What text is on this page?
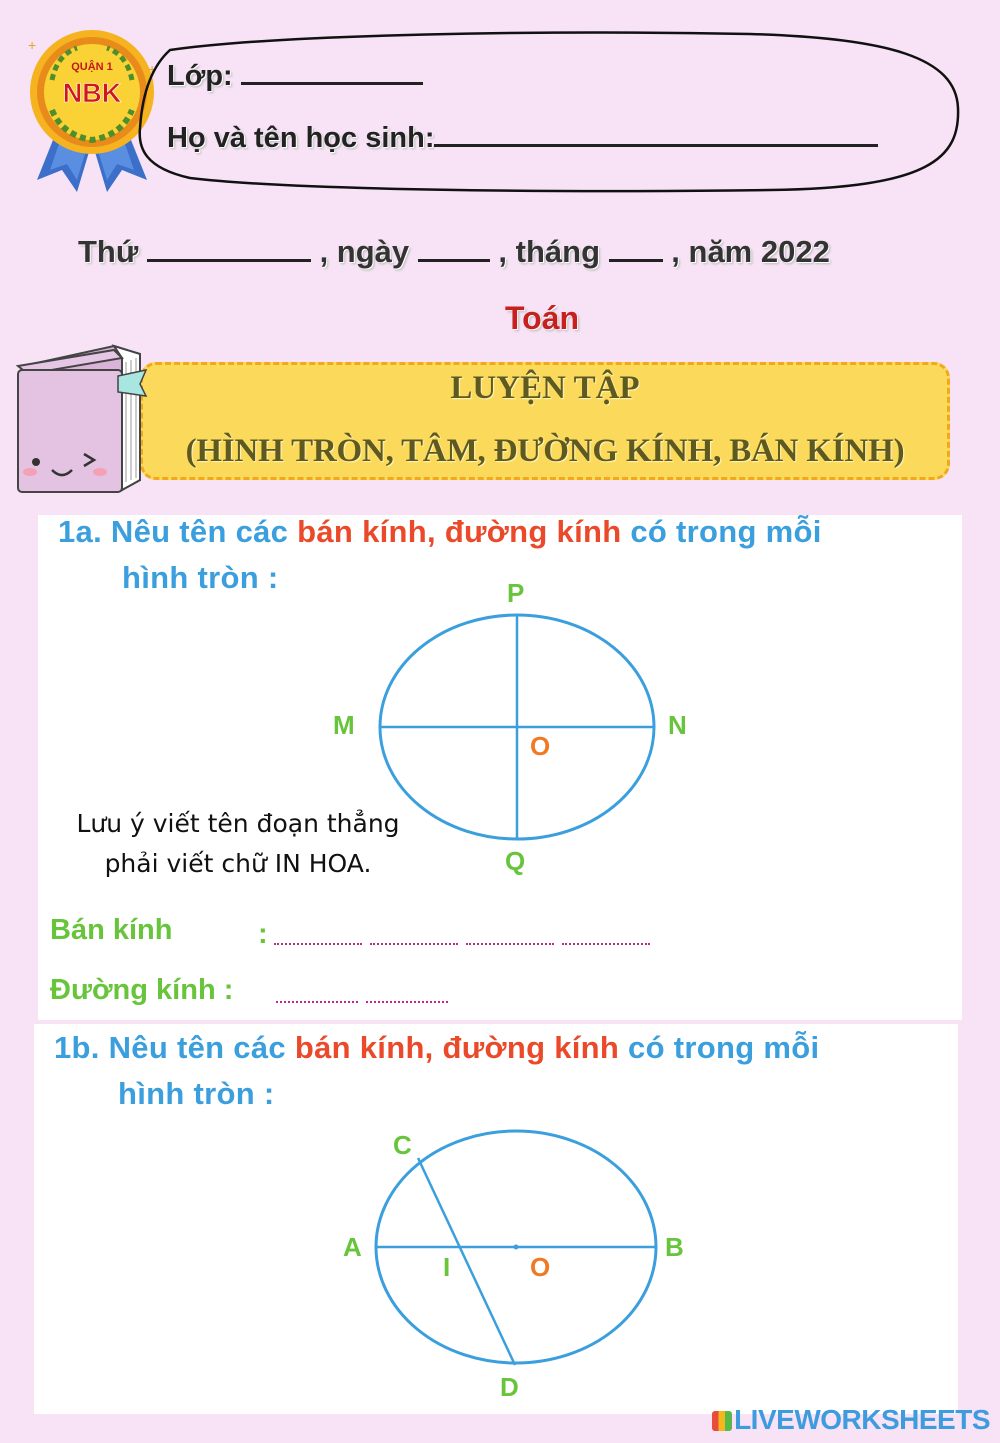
QUẬN 1
NBK
+
+ Lớp:
Họ và tên học sinh:
Thứ	, ngày	, tháng , năm 2022
Toán
LUYỆN TẬP
(HÌNH TRÒN, TÂM, ĐƯỜNG KÍNH, BÁN KÍNH)
1a. Nêu tên các bán kính, đường kính có trong mỗi
hình tròn :	P
M	N
Q
O
Lưu ý viết tên đoạn thẳng
phải viết chữ IN HOA.
Bán kính	:
Đường kính :
1b. Nêu tên các bán kính, đường kính có trong mỗi
hình tròn :
C
A	B
I	O
D
LIVEWORKSHEETS
